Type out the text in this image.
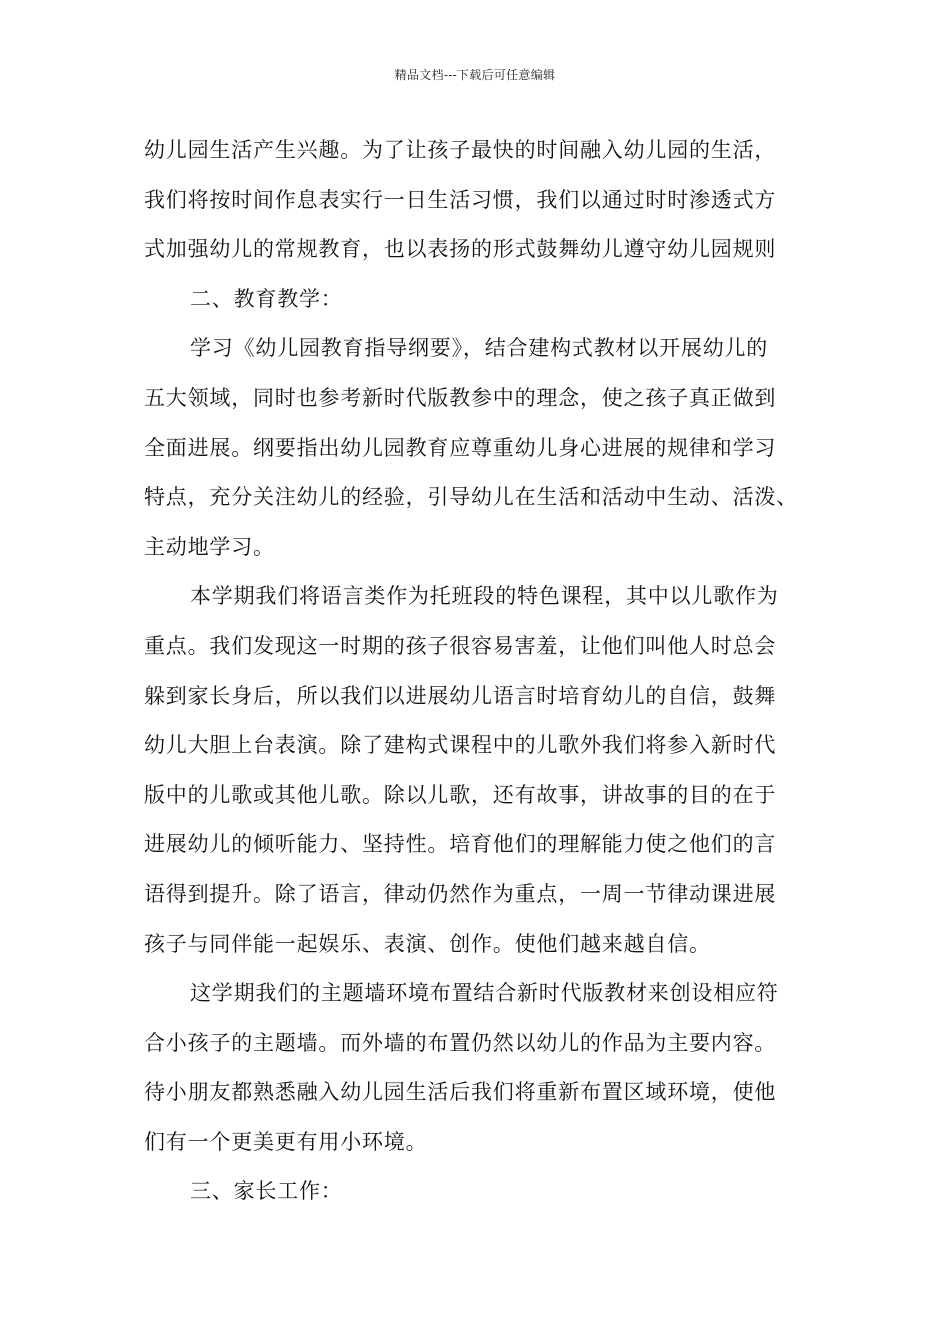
精品文档---下载后可任意编辑
幼儿园生活产生兴趣。为了让孩子最快的时间融入幼儿园的生活，
我们将按时间作息表实行一日生活习惯，我们以通过时时渗透式方
式加强幼儿的常规教育，也以表扬的形式鼓舞幼儿遵守幼儿园规则
二、教育教学：
学习《幼儿园教育指导纲要》，结合建构式教材以开展幼儿的
五大领域，同时也参考新时代版教参中的理念，使之孩子真正做到
全面进展。纲要指出幼儿园教育应尊重幼儿身心进展的规律和学习
特点，充分关注幼儿的经验，引导幼儿在生活和活动中生动、活泼、
主动地学习。
本学期我们将语言类作为托班段的特色课程，其中以儿歌作为
重点。我们发现这一时期的孩子很容易害羞，让他们叫他人时总会
躲到家长身后，所以我们以进展幼儿语言时培育幼儿的自信，鼓舞
幼儿大胆上台表演。除了建构式课程中的儿歌外我们将参入新时代
版中的儿歌或其他儿歌。除以儿歌，还有故事，讲故事的目的在于
进展幼儿的倾听能力、坚持性。培育他们的理解能力使之他们的言
语得到提升。除了语言，律动仍然作为重点，一周一节律动课进展
孩子与同伴能一起娱乐、表演、创作。使他们越来越自信。
这学期我们的主题墙环境布置结合新时代版教材来创设相应符
合小孩子的主题墙。而外墙的布置仍然以幼儿的作品为主要内容。
待小朋友都熟悉融入幼儿园生活后我们将重新布置区域环境，使他
们有一个更美更有用小环境。
三、家长工作：
